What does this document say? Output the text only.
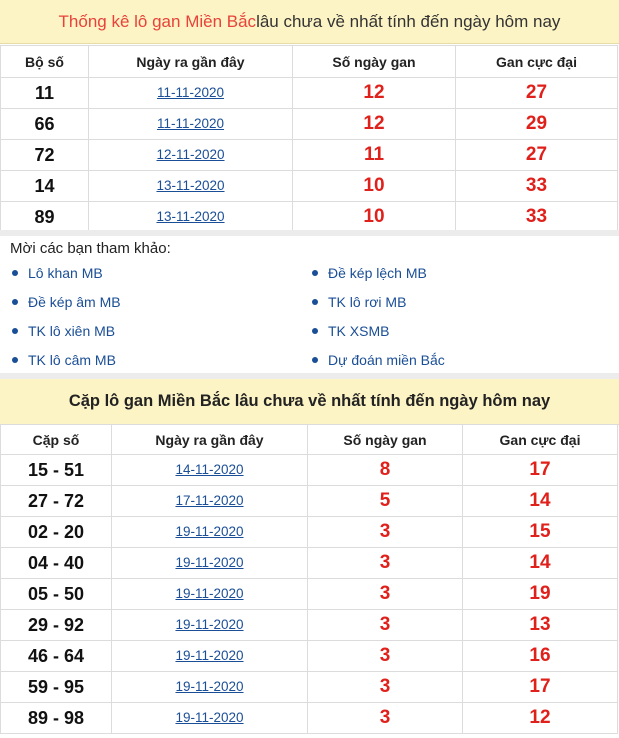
Thống kê lô gan Miền Bắc lâu chưa về nhất tính đến ngày hôm nay
Bộ số	Ngày ra gần đây	Số ngày gan	Gan cực đại
11	11-11-2020	12	27
66	11-11-2020	12	29
72	12-11-2020	11	27
14	13-11-2020	10	33
89	13-11-2020	10	33
Mời các bạn tham khảo:
Lô khan MB
Đề kép âm MB
TK lô xiên MB
TK lô câm MB
Đề kép lệch MB
TK lô rơi MB
TK XSMB
Dự đoán miền Bắc
Cặp lô gan Miền Bắc lâu chưa về nhất tính đến ngày hôm nay
Cặp số	Ngày ra gần đây	Số ngày gan	Gan cực đại
15 - 51	14-11-2020	8	17
27 - 72	17-11-2020	5	14
02 - 20	19-11-2020	3	15
04 - 40	19-11-2020	3	14
05 - 50	19-11-2020	3	19
29 - 92	19-11-2020	3	13
46 - 64	19-11-2020	3	16
59 - 95	19-11-2020	3	17
89 - 98	19-11-2020	3	12
